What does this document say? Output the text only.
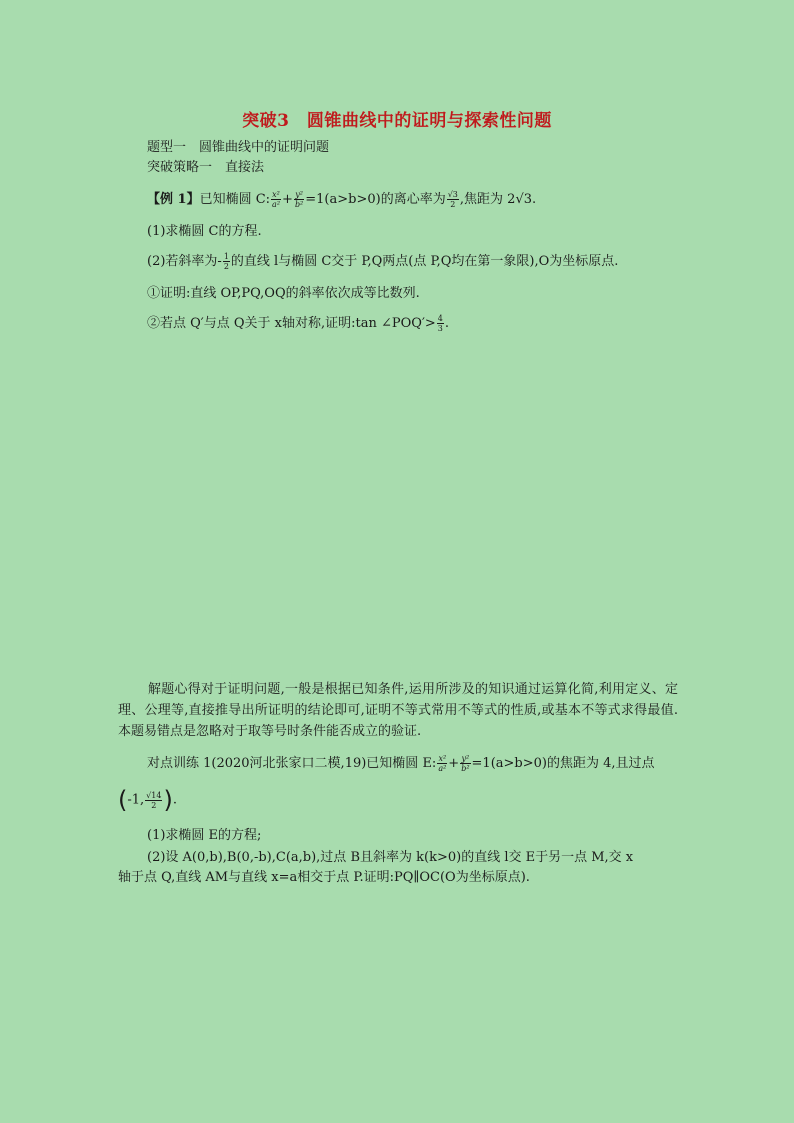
突破3　圆锥曲线中的证明与探索性问题
题型一　圆锥曲线中的证明问题
突破策略一　直接法
【例 1】已知椭圆 C: $\frac{\text{x²}}{\text{a²}} + \frac{\text{y²}}{\text{b²}} =1(a>b>0)$的离心率为 $\frac{√3}{2}$ ,焦距为 2√3.
(1)求椭圆 C的方程.
(2)若斜率为- $\frac{1}{2}$ 的直线 l与椭圆 C交于 P,Q两点(点 P,Q均在第一象限),O为坐标原点.
①证明:直线 OP,PQ,OQ的斜率依次成等比数列.
②若点 Q′与点 Q关于 x轴对称,证明:tan ∠POQ′> $\frac{4}{3}$ .
解题心得对于证明问题,一般是根据已知条件,运用所涉及的知识通过运算化简,利用定义、定理、公理等,直接推导出所证明的结论即可,证明不等式常用不等式的性质,或基本不等式求得最值.本题易错点是忽略对于取等号时条件能否成立的验证.
对点训练 1(2020河北张家口二模,19)已知椭圆 E: $\frac{\text{x²}}{\text{a²}} + \frac{\text{y²}}{\text{b²}} =1(a>b>0)$的焦距为 4,且过点
(-1, $\frac{√14}{2}$ ).
(1)求椭圆 E的方程;
(2)设 A(0,b),B(0,-b),C(a,b),过点 B且斜率为 k(k>0)的直线 l交 E于另一点 M,交 x
轴于点 Q,直线 AM与直线 x=a相交于点 P.证明:PQ∥OC(O为坐标原点).
